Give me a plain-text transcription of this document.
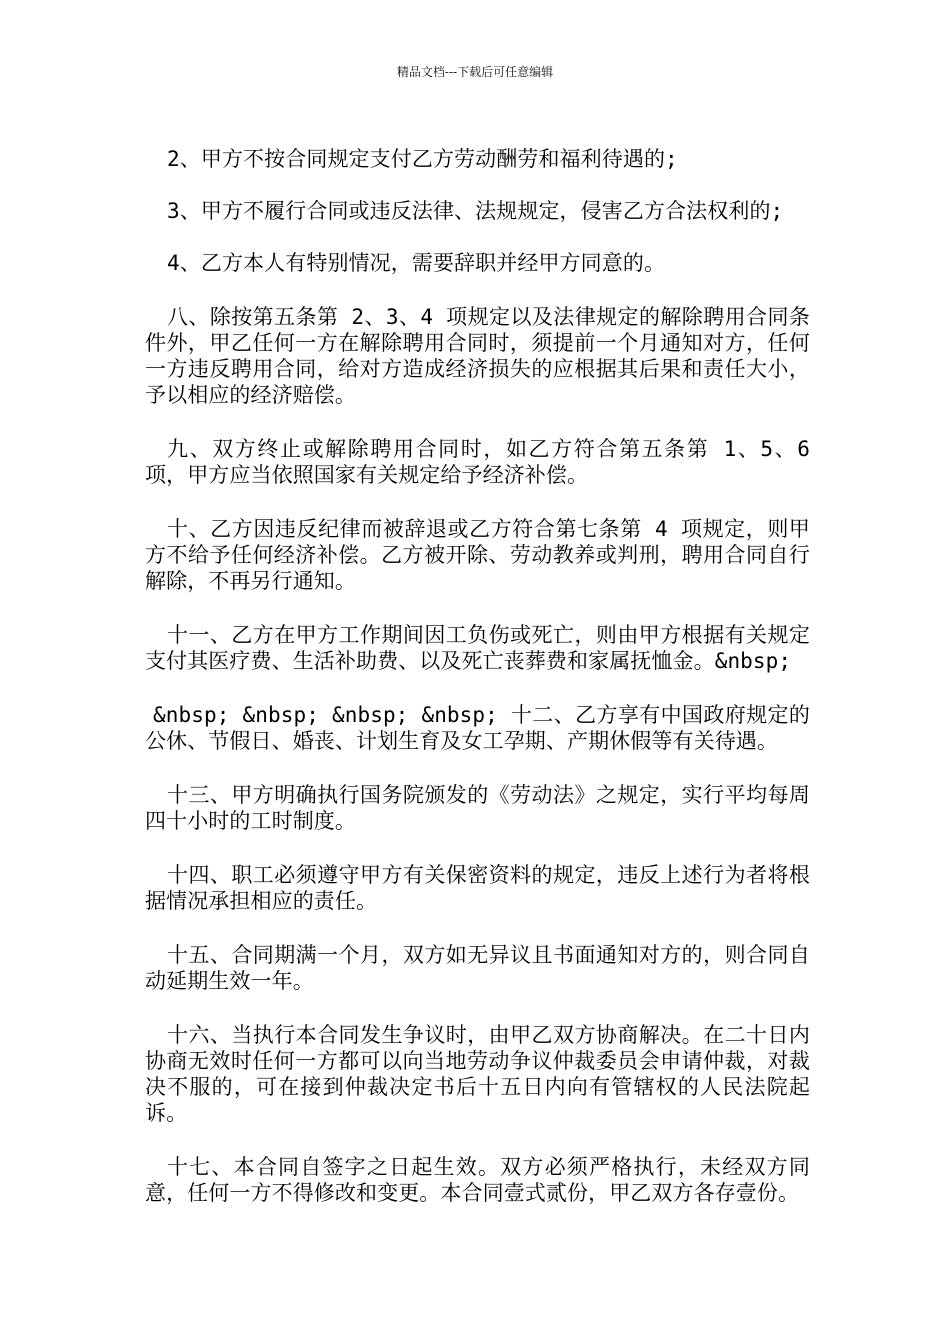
精品文档---下载后可任意编辑

2、甲方不按合同规定支付乙方劳动酬劳和福利待遇的;

3、甲方不履行合同或违反法律、法规规定，侵害乙方合法权利的;

4、乙方本人有特别情况，需要辞职并经甲方同意的。

八、除按第五条第 2、3、4 项规定以及法律规定的解除聘用合同条件外，甲乙任何一方在解除聘用合同时，须提前一个月通知对方，任何一方违反聘用合同，给对方造成经济损失的应根据其后果和责任大小，予以相应的经济赔偿。

九、双方终止或解除聘用合同时，如乙方符合第五条第 1、5、6 项，甲方应当依照国家有关规定给予经济补偿。

十、乙方因违反纪律而被辞退或乙方符合第七条第 4 项规定，则甲方不给予任何经济补偿。乙方被开除、劳动教养或判刑，聘用合同自行解除，不再另行通知。

十一、乙方在甲方工作期间因工负伤或死亡，则由甲方根据有关规定支付其医疗费、生活补助费、以及死亡丧葬费和家属抚恤金。&nbsp;

&nbsp; &nbsp; &nbsp; &nbsp; 十二、乙方享有中国政府规定的公休、节假日、婚丧、计划生育及女工孕期、产期休假等有关待遇。

十三、甲方明确执行国务院颁发的《劳动法》之规定，实行平均每周四十小时的工时制度。

十四、职工必须遵守甲方有关保密资料的规定，违反上述行为者将根据情况承担相应的责任。

十五、合同期满一个月，双方如无异议且书面通知对方的，则合同自动延期生效一年。

十六、当执行本合同发生争议时，由甲乙双方协商解决。在二十日内协商无效时任何一方都可以向当地劳动争议仲裁委员会申请仲裁，对裁决不服的，可在接到仲裁决定书后十五日内向有管辖权的人民法院起诉。

十七、本合同自签字之日起生效。双方必须严格执行，未经双方同意，任何一方不得修改和变更。本合同壹式贰份，甲乙双方各存壹份。
